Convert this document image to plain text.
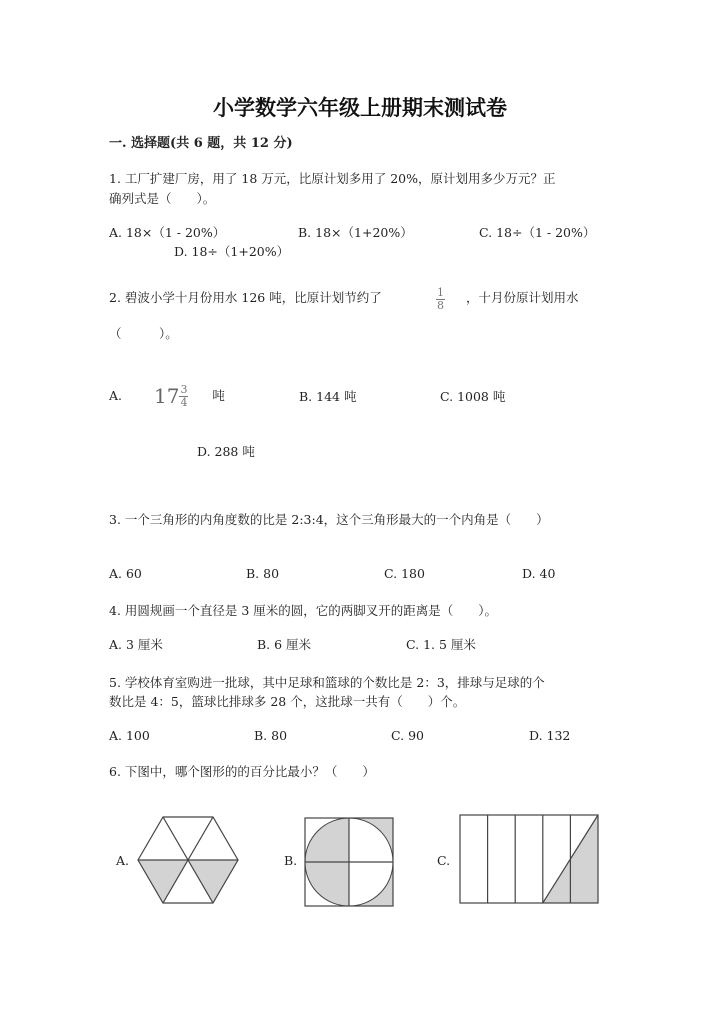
小学数学六年级上册期末测试卷
一. 选择题(共 6 题，共 12 分)
1. 工厂扩建厂房，用了 18 万元，比原计划多用了 20%，原计划用多少万元？正
确列式是（　　）。
A. 18×（1 - 20%）	B. 18×（1+20%）	C. 18÷（1 - 20%）
D. 18÷（1+20%）
2. 碧波小学十月份用水 126 吨，比原计划节约了	$\frac{1}{8}$ ，十月份原计划用水
（　　　）。
A. $17 \frac{3}{4}$ 吨	B. 144 吨	C. 1008 吨
D. 288 吨
3. 一个三角形的内角度数的比是 2:3:4，这个三角形最大的一个内角是（　　）
A. 60	B. 80	C. 180	D. 40
4. 用圆规画一个直径是 3 厘米的圆，它的两脚叉开的距离是（　　）。
A. 3 厘米	B. 6 厘米	C. 1. 5 厘米
5. 学校体育室购进一批球，其中足球和篮球的个数比是 2：3，排球与足球的个
数比是 4：5，篮球比排球多 28 个，这批球一共有（　　）个。
A. 100	B. 80	C. 90	D. 132
6. 下图中，哪个图形的的百分比最小？（　　）
A.	B.	C.
